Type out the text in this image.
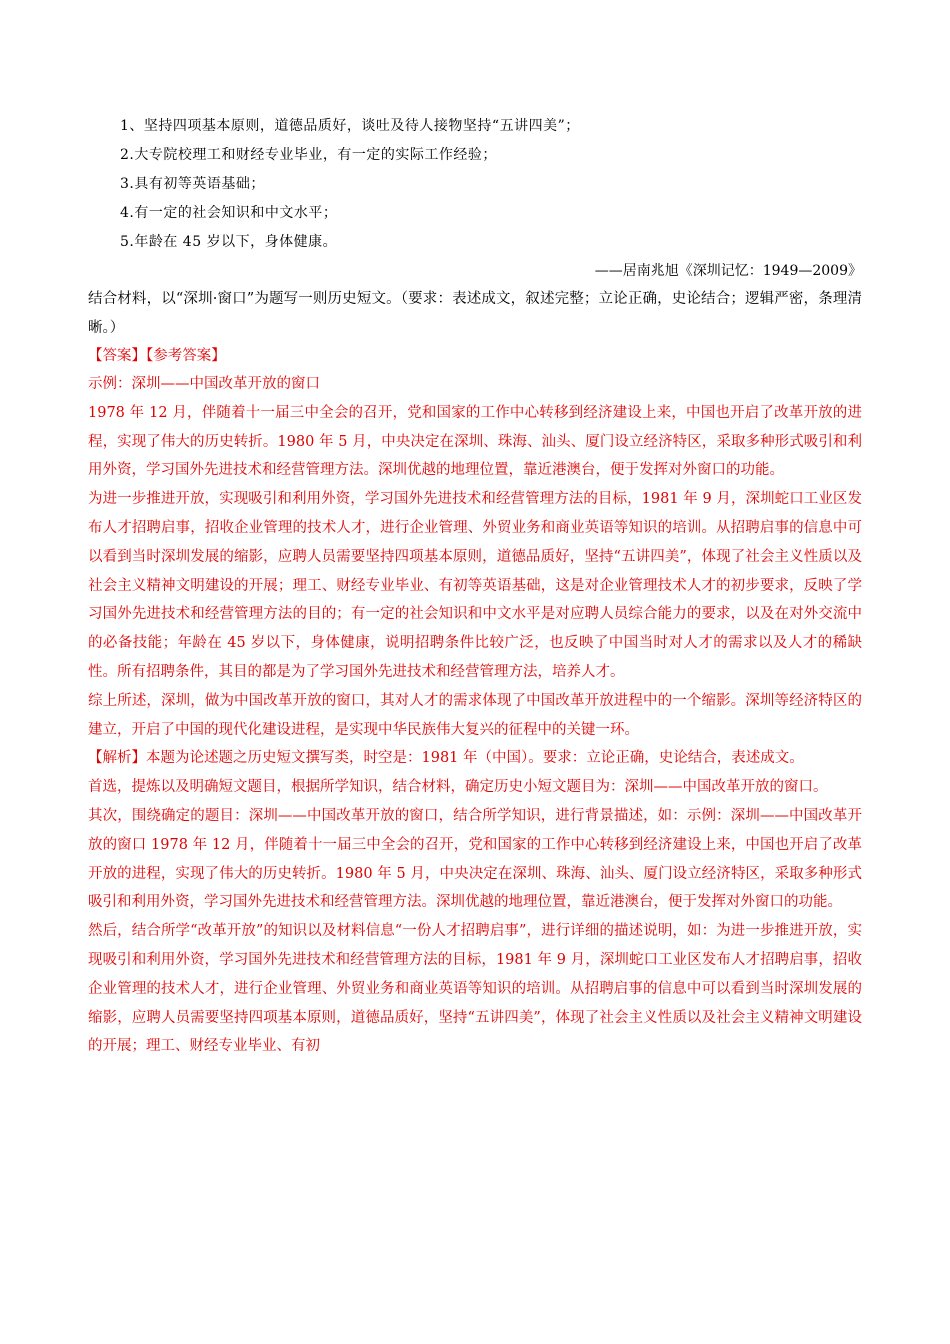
1、坚持四项基本原则，道德品质好，谈吐及待人接物坚持“五讲四美”；
2.大专院校理工和财经专业毕业，有一定的实际工作经验；
3.具有初等英语基础；
4.有一定的社会知识和中文水平；
5.年龄在 45 岁以下，身体健康。
——居南兆旭《深圳记忆：1949—2009》
结合材料，以“深圳·窗口”为题写一则历史短文。（要求：表述成文，叙述完整；立论正确，史论结合；逻辑严密，条理清晰。）
【答案】【参考答案】

示例：深圳——中国改革开放的窗口

1978 年 12 月，伴随着十一届三中全会的召开，党和国家的工作中心转移到经济建设上来，中国也开启了改革开放的进程，实现了伟大的历史转折。1980 年 5 月，中央决定在深圳、珠海、汕头、厦门设立经济特区，采取多种形式吸引和利用外资，学习国外先进技术和经营管理方法。深圳优越的地理位置，靠近港澳台，便于发挥对外窗口的功能。

为进一步推进开放，实现吸引和利用外资，学习国外先进技术和经营管理方法的目标，1981 年 9 月，深圳蛇口工业区发布人才招聘启事，招收企业管理的技术人才，进行企业管理、外贸业务和商业英语等知识的培训。从招聘启事的信息中可以看到当时深圳发展的缩影，应聘人员需要坚持四项基本原则，道德品质好，坚持“五讲四美”，体现了社会主义性质以及社会主义精神文明建设的开展；理工、财经专业毕业、有初等英语基础，这是对企业管理技术人才的初步要求，反映了学习国外先进技术和经营管理方法的目的；有一定的社会知识和中文水平是对应聘人员综合能力的要求，以及在对外交流中的必备技能；年龄在 45 岁以下，身体健康，说明招聘条件比较广泛，也反映了中国当时对人才的需求以及人才的稀缺性。所有招聘条件，其目的都是为了学习国外先进技术和经营管理方法，培养人才。

综上所述，深圳，做为中国改革开放的窗口，其对人才的需求体现了中国改革开放进程中的一个缩影。深圳等经济特区的建立，开启了中国的现代化建设进程，是实现中华民族伟大复兴的征程中的关键一环。

【解析】本题为论述题之历史短文撰写类，时空是：1981 年（中国）。要求：立论正确，史论结合，表述成文。

首选，提炼以及明确短文题目，根据所学知识，结合材料，确定历史小短文题目为：深圳——中国改革开放的窗口。

其次，围绕确定的题目：深圳——中国改革开放的窗口，结合所学知识，进行背景描述，如：示例：深圳——中国改革开放的窗口 1978 年 12 月，伴随着十一届三中全会的召开，党和国家的工作中心转移到经济建设上来，中国也开启了改革开放的进程，实现了伟大的历史转折。1980 年 5 月，中央决定在深圳、珠海、汕头、厦门设立经济特区，采取多种形式吸引和利用外资，学习国外先进技术和经营管理方法。深圳优越的地理位置，靠近港澳台，便于发挥对外窗口的功能。

然后，结合所学“改革开放”的知识以及材料信息“一份人才招聘启事”，进行详细的描述说明，如：为进一步推进开放，实现吸引和利用外资，学习国外先进技术和经营管理方法的目标，1981 年 9 月，深圳蛇口工业区发布人才招聘启事，招收企业管理的技术人才，进行企业管理、外贸业务和商业英语等知识的培训。从招聘启事的信息中可以看到当时深圳发展的缩影，应聘人员需要坚持四项基本原则，道德品质好，坚持“五讲四美”，体现了社会主义性质以及社会主义精神文明建设的开展；理工、财经专业毕业、有初
